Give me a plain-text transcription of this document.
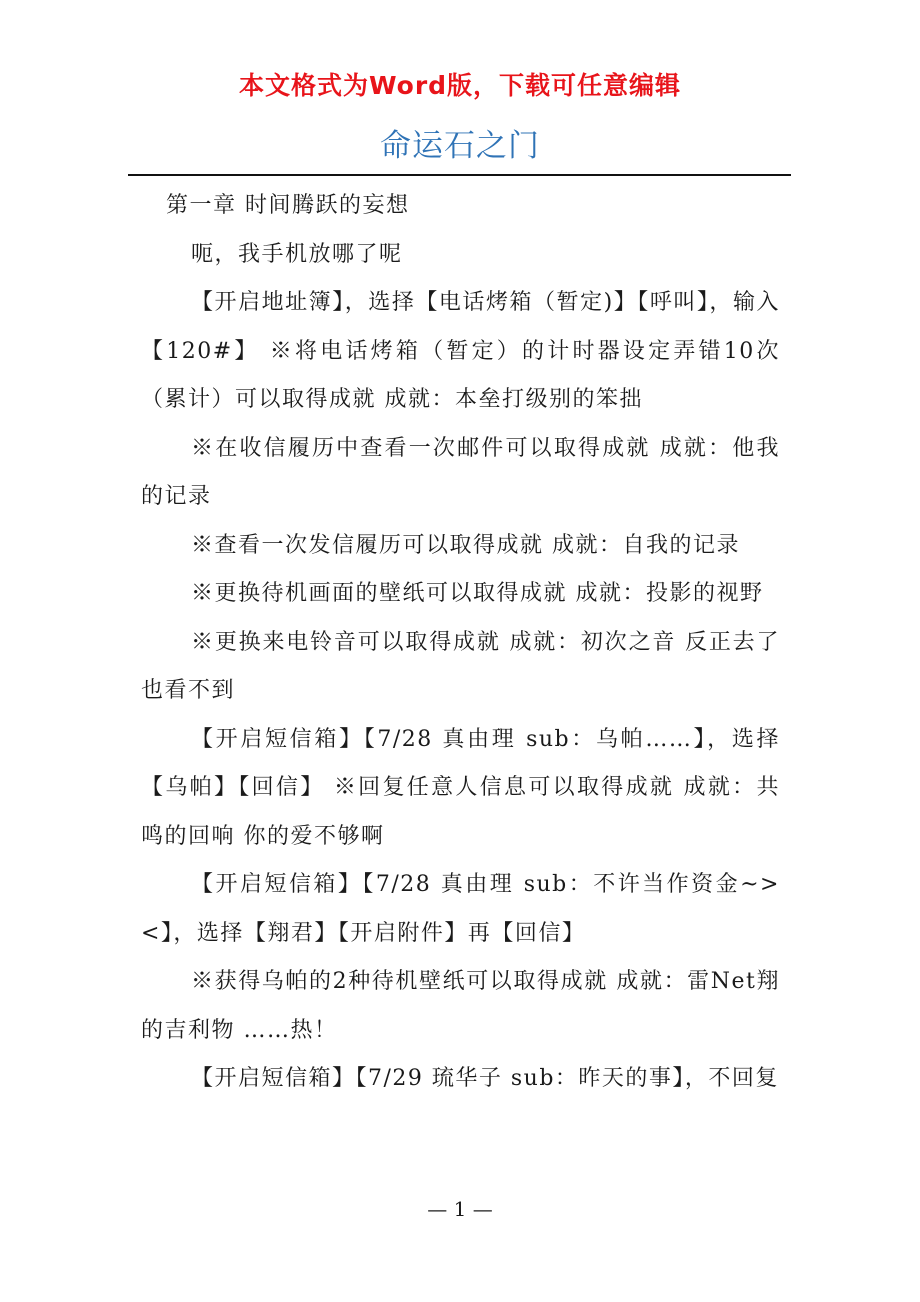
本文格式为Word版，下载可任意编辑
命运石之门

第一章 时间腾跃的妄想

呃，我手机放哪了呢

【开启地址簿】，选择【电话烤箱（暂定)】【呼叫】，输入【120#】 ※将电话烤箱（暂定）的计时器设定弄错10次（累计）可以取得成就 成就：本垒打级别的笨拙

※在收信履历中查看一次邮件可以取得成就 成就：他我的记录

※查看一次发信履历可以取得成就 成就：自我的记录

※更换待机画面的壁纸可以取得成就 成就：投影的视野

※更换来电铃音可以取得成就 成就：初次之音 反正去了也看不到

【开启短信箱】【7/28 真由理 sub：乌帕……】，选择【乌帕】【回信】 ※回复任意人信息可以取得成就 成就：共鸣的回响 你的爱不够啊

【开启短信箱】【7/28 真由理 sub：不许当作资金~><】，选择【翔君】【开启附件】再【回信】

※获得乌帕的2种待机壁纸可以取得成就 成就：雷Net翔的吉利物 ……热！

【开启短信箱】【7/29 琉华子 sub：昨天的事】，不回复

— 1 —
